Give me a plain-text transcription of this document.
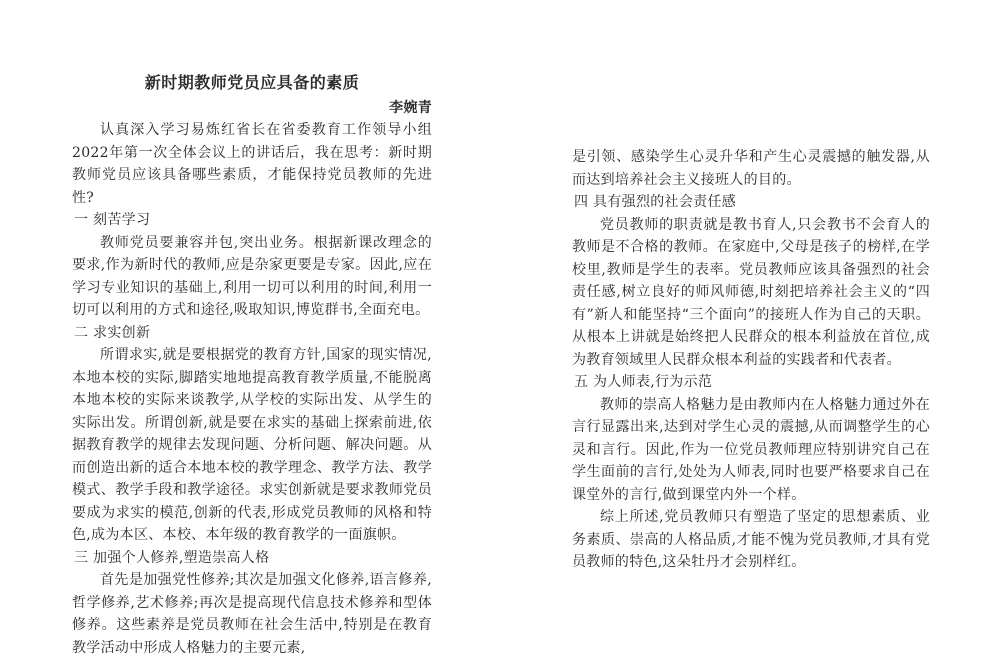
新时期教师党员应具备的素质
李婉青

认真深入学习易炼红省长在省委教育工作领导小组2022年第一次全体会议上的讲话后，我在思考：新时期教师党员应该具备哪些素质，才能保持党员教师的先进性?

一 刻苦学习

教师党员要兼容并包,突出业务。根据新课改理念的要求,作为新时代的教师,应是杂家更要是专家。因此,应在学习专业知识的基础上,利用一切可以利用的时间,利用一切可以利用的方式和途径,吸取知识,博览群书,全面充电。

二 求实创新

所谓求实,就是要根据党的教育方针,国家的现实情况,本地本校的实际,脚踏实地地提高教育教学质量,不能脱离本地本校的实际来谈教学,从学校的实际出发、从学生的实际出发。所谓创新,就是要在求实的基础上探索前进,依据教育教学的规律去发现问题、分析问题、解决问题。从而创造出新的适合本地本校的教学理念、教学方法、教学模式、教学手段和教学途径。求实创新就是要求教师党员要成为求实的模范,创新的代表,形成党员教师的风格和特色,成为本区、本校、本年级的教育教学的一面旗帜。

三 加强个人修养,塑造崇高人格

首先是加强党性修养;其次是加强文化修养,语言修养,哲学修养,艺术修养;再次是提高现代信息技术修养和型体修养。这些素养是党员教师在社会生活中,特别是在教育教学活动中形成人格魅力的主要元素,

是引领、感染学生心灵升华和产生心灵震撼的触发器,从而达到培养社会主义接班人的目的。

四 具有强烈的社会责任感

党员教师的职责就是教书育人,只会教书不会育人的教师是不合格的教师。在家庭中,父母是孩子的榜样,在学校里,教师是学生的表率。党员教师应该具备强烈的社会责任感,树立良好的师风师德,时刻把培养社会主义的“四有”新人和能坚持“三个面向”的接班人作为自己的天职。从根本上讲就是始终把人民群众的根本利益放在首位,成为教育领域里人民群众根本利益的实践者和代表者。

五 为人师表,行为示范

教师的崇高人格魅力是由教师内在人格魅力通过外在言行显露出来,达到对学生心灵的震撼,从而调整学生的心灵和言行。因此,作为一位党员教师理应特别讲究自己在学生面前的言行,处处为人师表,同时也要严格要求自己在课堂外的言行,做到课堂内外一个样。

综上所述,党员教师只有塑造了坚定的思想素质、业务素质、崇高的人格品质,才能不愧为党员教师,才具有党员教师的特色,这朵牡丹才会别样红。
